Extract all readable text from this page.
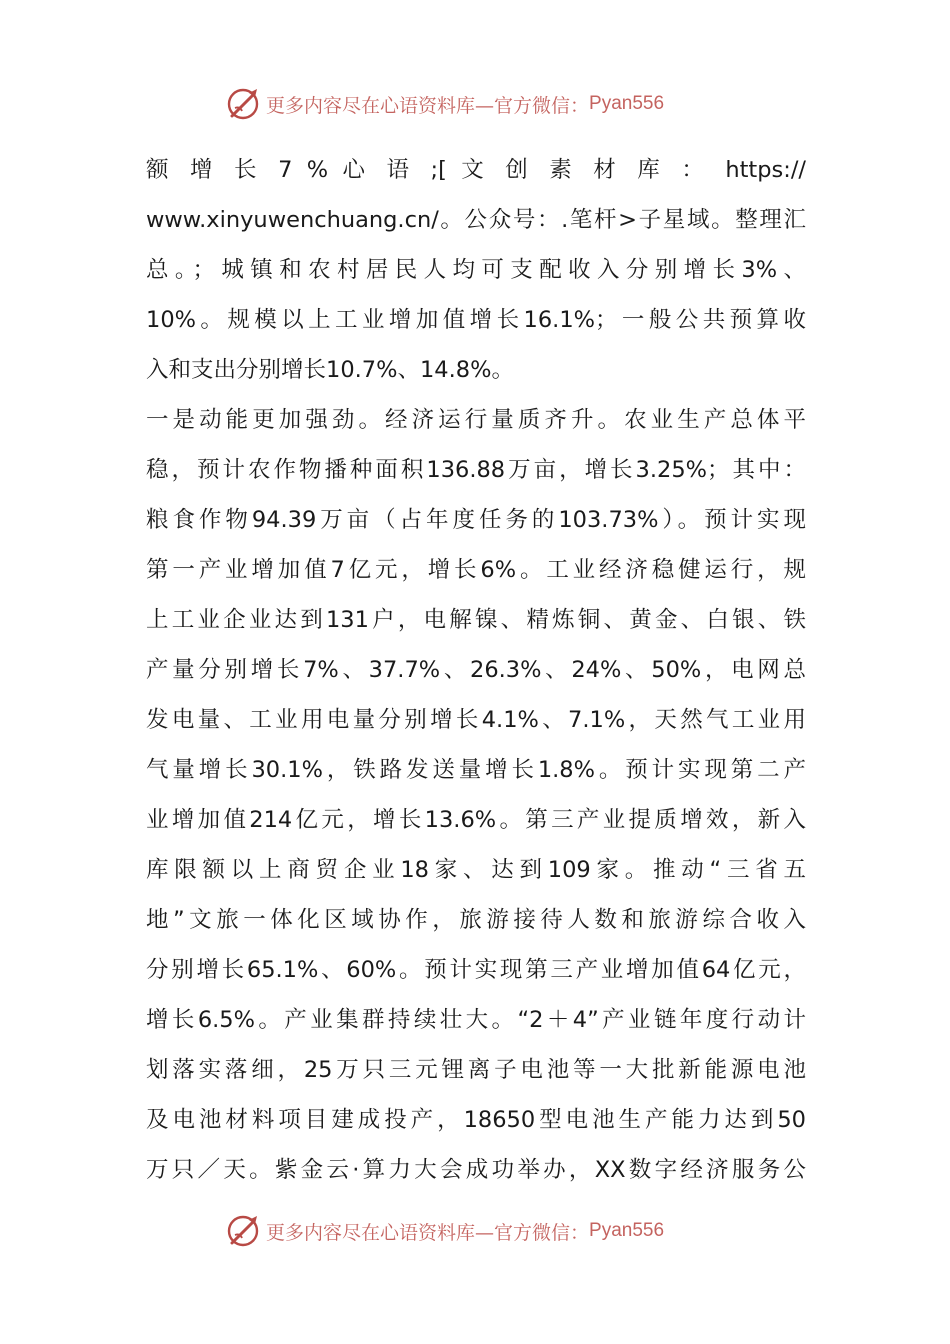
更多内容尽在心语资料库—官方微信： Pyan556
额 增 长 7 % 心 语 ;[ 文 创 素 材 库 ： https://
www.xinyuwenchuang.cn/。公众号：.笔杆>子星域。整理汇
总。；城镇和农村居民人均可支配收入分别增长3%、
10%。规模以上工业增加值增长16.1%；一般公共预算收
入和支出分别增长10.7%、14.8%。
一是动能更加强劲。经济运行量质齐升。农业生产总体平
稳，预计农作物播种面积136.88万亩，增长3.25%；其中：
粮食作物94.39万亩（占年度任务的103.73%）。预计实现
第一产业增加值7亿元，增长6%。工业经济稳健运行，规
上工业企业达到131户，电解镍、精炼铜、黄金、白银、铁
产量分别增长7%、37.7%、26.3%、24%、50%，电网总
发电量、工业用电量分别增长4.1%、7.1%，天然气工业用
气量增长30.1%，铁路发送量增长1.8%。预计实现第二产
业增加值214亿元，增长13.6%。第三产业提质增效，新入
库限额以上商贸企业18家、达到109家。推动“三省五
地”文旅一体化区域协作，旅游接待人数和旅游综合收入
分别增长65.1%、60%。预计实现第三产业增加值64亿元，
增长6.5%。产业集群持续壮大。“2＋4”产业链年度行动计
划落实落细，25万只三元锂离子电池等一大批新能源电池
及电池材料项目建成投产，18650型电池生产能力达到50
万只／天。紫金云·算力大会成功举办，XX数字经济服务公
更多内容尽在心语资料库—官方微信： Pyan556
